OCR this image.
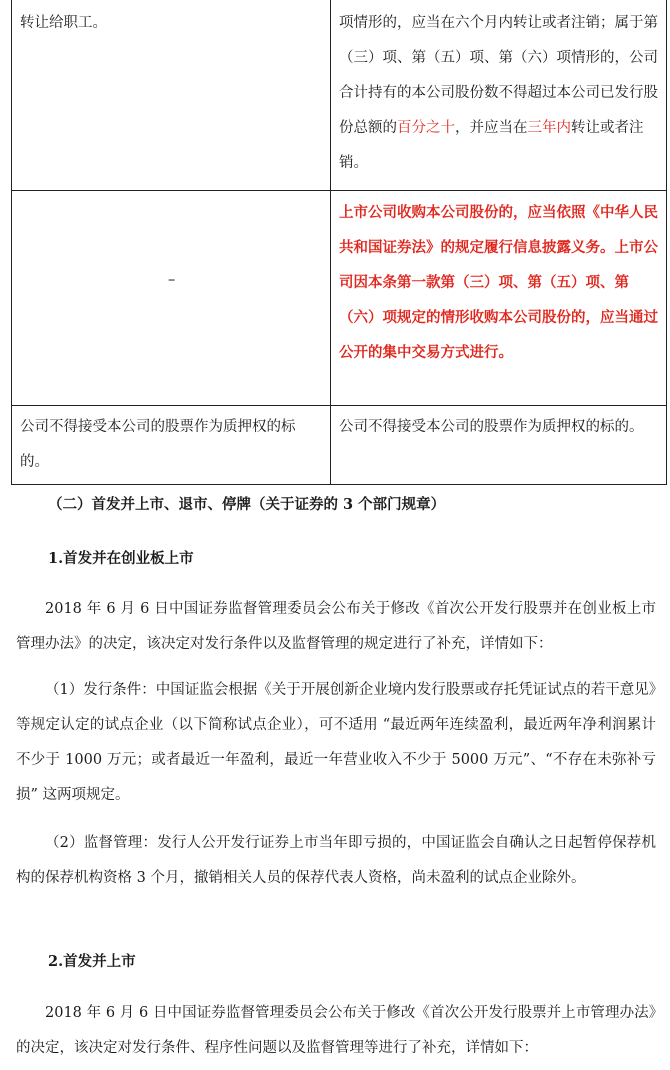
转让给职工。	项情形的，应当在六个月内转让或者注销；属于第（三）项、第（五）项、第（六）项情形的，公司合计持有的本公司股份数不得超过本公司已发行股份总额的百分之十，并应当在三年内转让或者注销。
–	上市公司收购本公司股份的，应当依照《中华人民共和国证券法》的规定履行信息披露义务。上市公司因本条第一款第（三）项、第（五）项、第（六）项规定的情形收购本公司股份的，应当通过公开的集中交易方式进行。
公司不得接受本公司的股票作为质押权的标的。	公司不得接受本公司的股票作为质押权的标的。
（二）首发并上市、退市、停牌（关于证券的 3 个部门规章）
1.首发并在创业板上市
2018 年 6 月 6 日中国证券监督管理委员会公布关于修改《首次公开发行股票并在创业板上市管理办法》的决定，该决定对发行条件以及监督管理的规定进行了补充，详情如下：
（1）发行条件：中国证监会根据《关于开展创新企业境内发行股票或存托凭证试点的若干意见》等规定认定的试点企业（以下简称试点企业），可不适用 “最近两年连续盈利，最近两年净利润累计不少于 1000 万元；或者最近一年盈利，最近一年营业收入不少于 5000 万元”、“不存在未弥补亏损” 这两项规定。
（2）监督管理：发行人公开发行证券上市当年即亏损的，中国证监会自确认之日起暂停保荐机构的保荐机构资格 3 个月，撤销相关人员的保荐代表人资格，尚未盈利的试点企业除外。
2.首发并上市
2018 年 6 月 6 日中国证券监督管理委员会公布关于修改《首次公开发行股票并上市管理办法》的决定，该决定对发行条件、程序性问题以及监督管理等进行了补充，详情如下：
